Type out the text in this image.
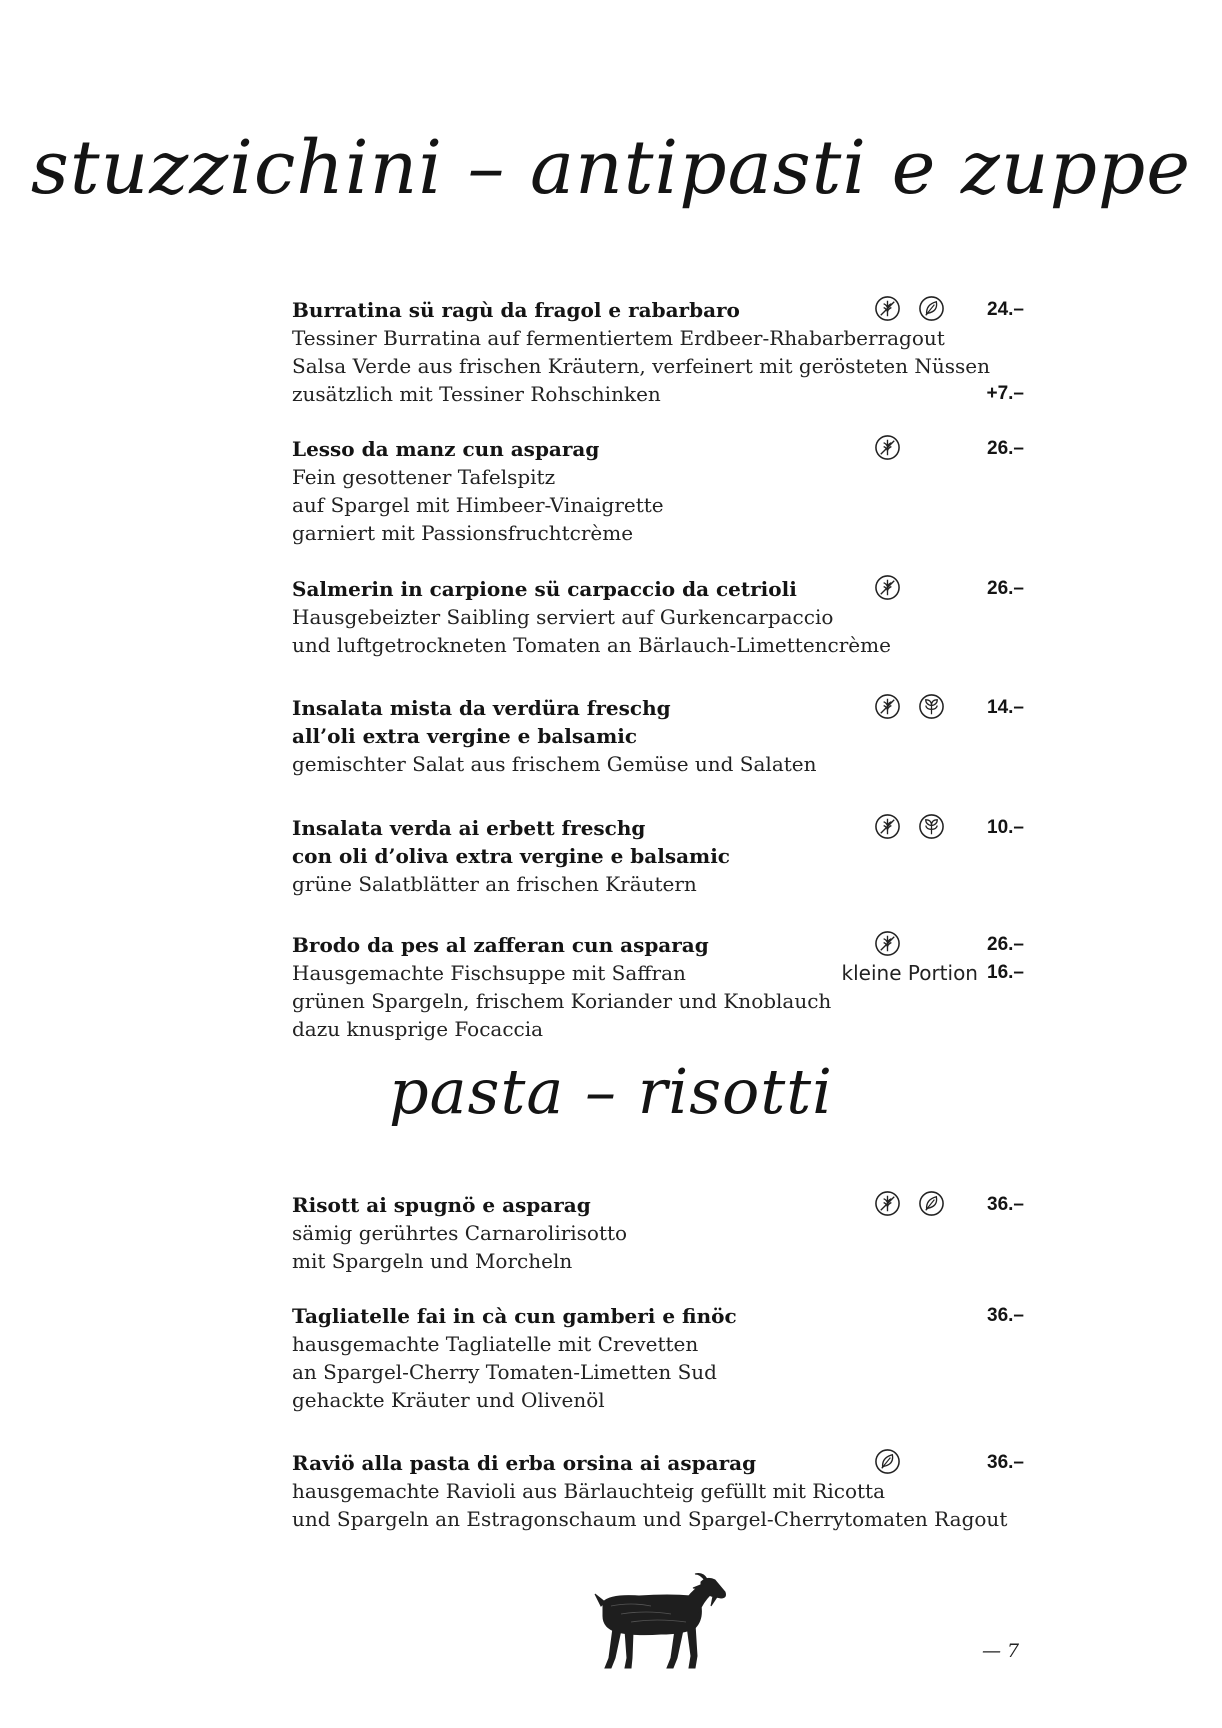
stuzzichini – antipasti e zuppe
Burratina sü ragù da fragol e rabarbaro	24.–
Tessiner Burratina auf fermentiertem Erdbeer-Rhabarberragout
Salsa Verde aus frischen Kräutern, verfeinert mit gerösteten Nüssen
zusätzlich mit Tessiner Rohschinken	+7.–
Lesso da manz cun asparag	26.–
Fein gesottener Tafelspitz
auf Spargel mit Himbeer-Vinaigrette
garniert mit Passionsfruchtcrème
Salmerin in carpione sü carpaccio da cetrioli	26.–
Hausgebeizter Saibling serviert auf Gurkencarpaccio
und luftgetrockneten Tomaten an Bärlauch-Limettencrème
Insalata mista da verdüra freschg	14.–
all’oli extra vergine e balsamic
gemischter Salat aus frischem Gemüse und Salaten
Insalata verda ai erbett freschg	10.–
con oli d’oliva extra vergine e balsamic
grüne Salatblätter an frischen Kräutern
Brodo da pes al zafferan cun asparag	26.–
Hausgemachte Fischsuppe mit Saffran	kleine Portion 16.–
grünen Spargeln, frischem Koriander und Knoblauch
dazu knusprige Focaccia
pasta – risotti
Risott ai spugnö e asparag	36.–
sämig gerührtes Carnarolirisotto
mit Spargeln und Morcheln
Tagliatelle fai in cà cun gamberi e finöc	36.–
hausgemachte Tagliatelle mit Crevetten
an Spargel-Cherry Tomaten-Limetten Sud
gehackte Kräuter und Olivenöl
Raviö alla pasta di erba orsina ai asparag	36.–
hausgemachte Ravioli aus Bärlauchteig gefüllt mit Ricotta
und Spargeln an Estragonschaum und Spargel-Cherrytomaten Ragout
— 7
